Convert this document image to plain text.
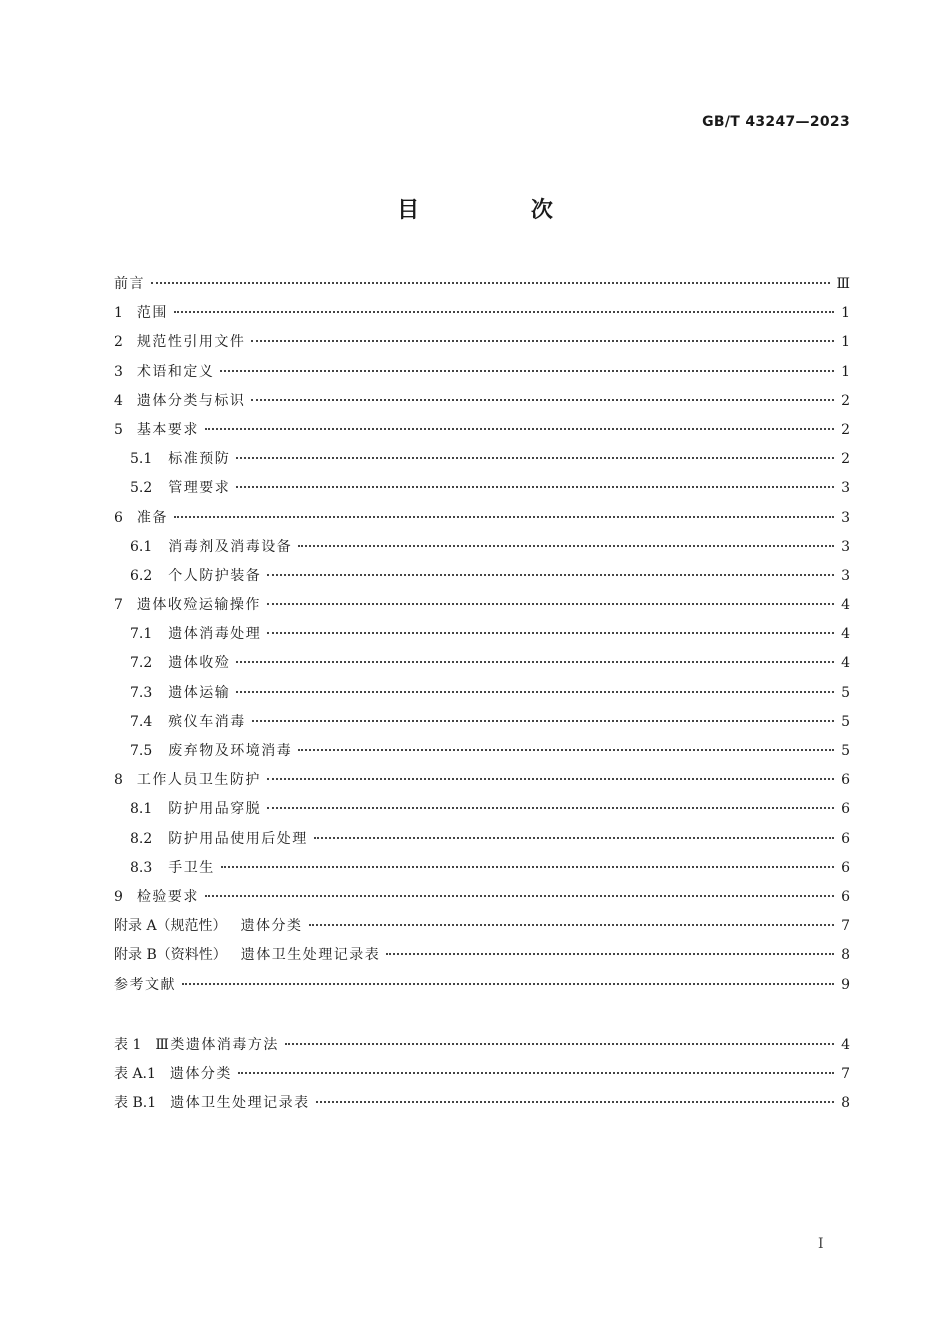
GB/T 43247—2023
目 次
前言	Ⅲ
1 范围	1
2 规范性引用文件	1
3 术语和定义	1
4 遗体分类与标识	2
5 基本要求	2
5.1 标准预防	2
5.2 管理要求	3
6 准备	3
6.1 消毒剂及消毒设备	3
6.2 个人防护装备	3
7 遗体收殓运输操作	4
7.1 遗体消毒处理	4
7.2 遗体收殓	4
7.3 遗体运输	5
7.4 殡仪车消毒	5
7.5 废弃物及环境消毒	5
8 工作人员卫生防护	6
8.1 防护用品穿脱	6
8.2 防护用品使用后处理	6
8.3 手卫生	6
9 检验要求	6
附录 A（规范性） 遗体分类	7
附录 B（资料性） 遗体卫生处理记录表	8
参考文献	9
表 1 Ⅲ类遗体消毒方法	4
表 A.1 遗体分类	7
表 B.1 遗体卫生处理记录表	8
I
